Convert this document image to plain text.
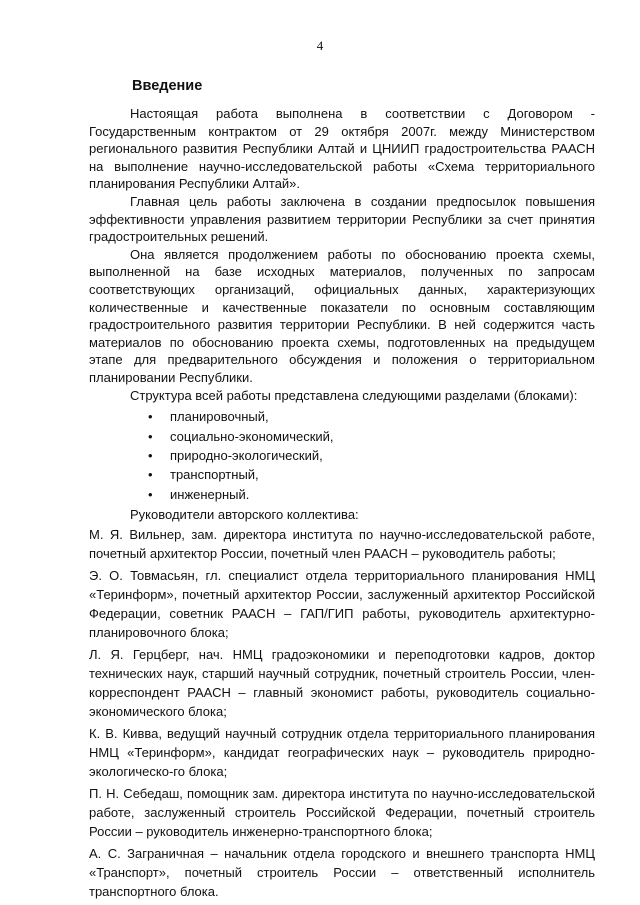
4
Введение

Настоящая работа выполнена в соответствии с Договором - Государственным контрактом от 29 октября 2007г. между Министерством регионального развития Республики Алтай и ЦНИИП градостроительства РААСН на выполнение научно-исследовательской работы «Схема территориального планирования Республики Алтай».

Главная цель работы заключена в создании предпосылок повышения эффективности управления развитием территории Республики за счет принятия градостроительных решений.

Она является продолжением работы по обоснованию проекта схемы, выполненной на базе исходных материалов, полученных по запросам соответствующих организаций, официальных данных, характеризующих количественные и качественные показатели по основным составляющим градостроительного развития территории Республики. В ней содержится часть материалов по обоснованию проекта схемы, подготовленных на предыдущем этапе для предварительного обсуждения и положения о территориальном планировании Республики.

Структура всей работы представлена следующими разделами (блоками):

• планировочный,
• социально-экономический,
• природно-экологический,
• транспортный,
• инженерный.

Руководители авторского коллектива:

М. Я. Вильнер, зам. директора института по научно-исследовательской работе, почетный архитектор России, почетный член РААСН – руководитель работы;

Э. О. Товмасьян, гл. специалист отдела территориального планирования НМЦ «Теринформ», почетный архитектор России, заслуженный архитектор Российской Федерации, советник РААСН – ГАП/ГИП работы, руководитель архитектурно-планировочного блока;

Л. Я. Герцберг, нач. НМЦ градоэкономики и переподготовки кадров, доктор технических наук, старший научный сотрудник, почетный строитель России, член-корреспондент РААСН – главный экономист работы, руководитель социально-экономического блока;

К. В. Кивва, ведущий научный сотрудник отдела территориального планирования НМЦ «Теринформ», кандидат географических наук – руководитель природно-экологическо-го блока;

П. Н. Себедаш, помощник зам. директора института по научно-исследовательской работе, заслуженный строитель Российской Федерации, почетный строитель России – руководитель инженерно-транспортного блока;

А. С. Заграничная – начальник отдела городского и внешнего транспорта НМЦ «Транспорт», почетный строитель России – ответственный исполнитель транспортного блока.
